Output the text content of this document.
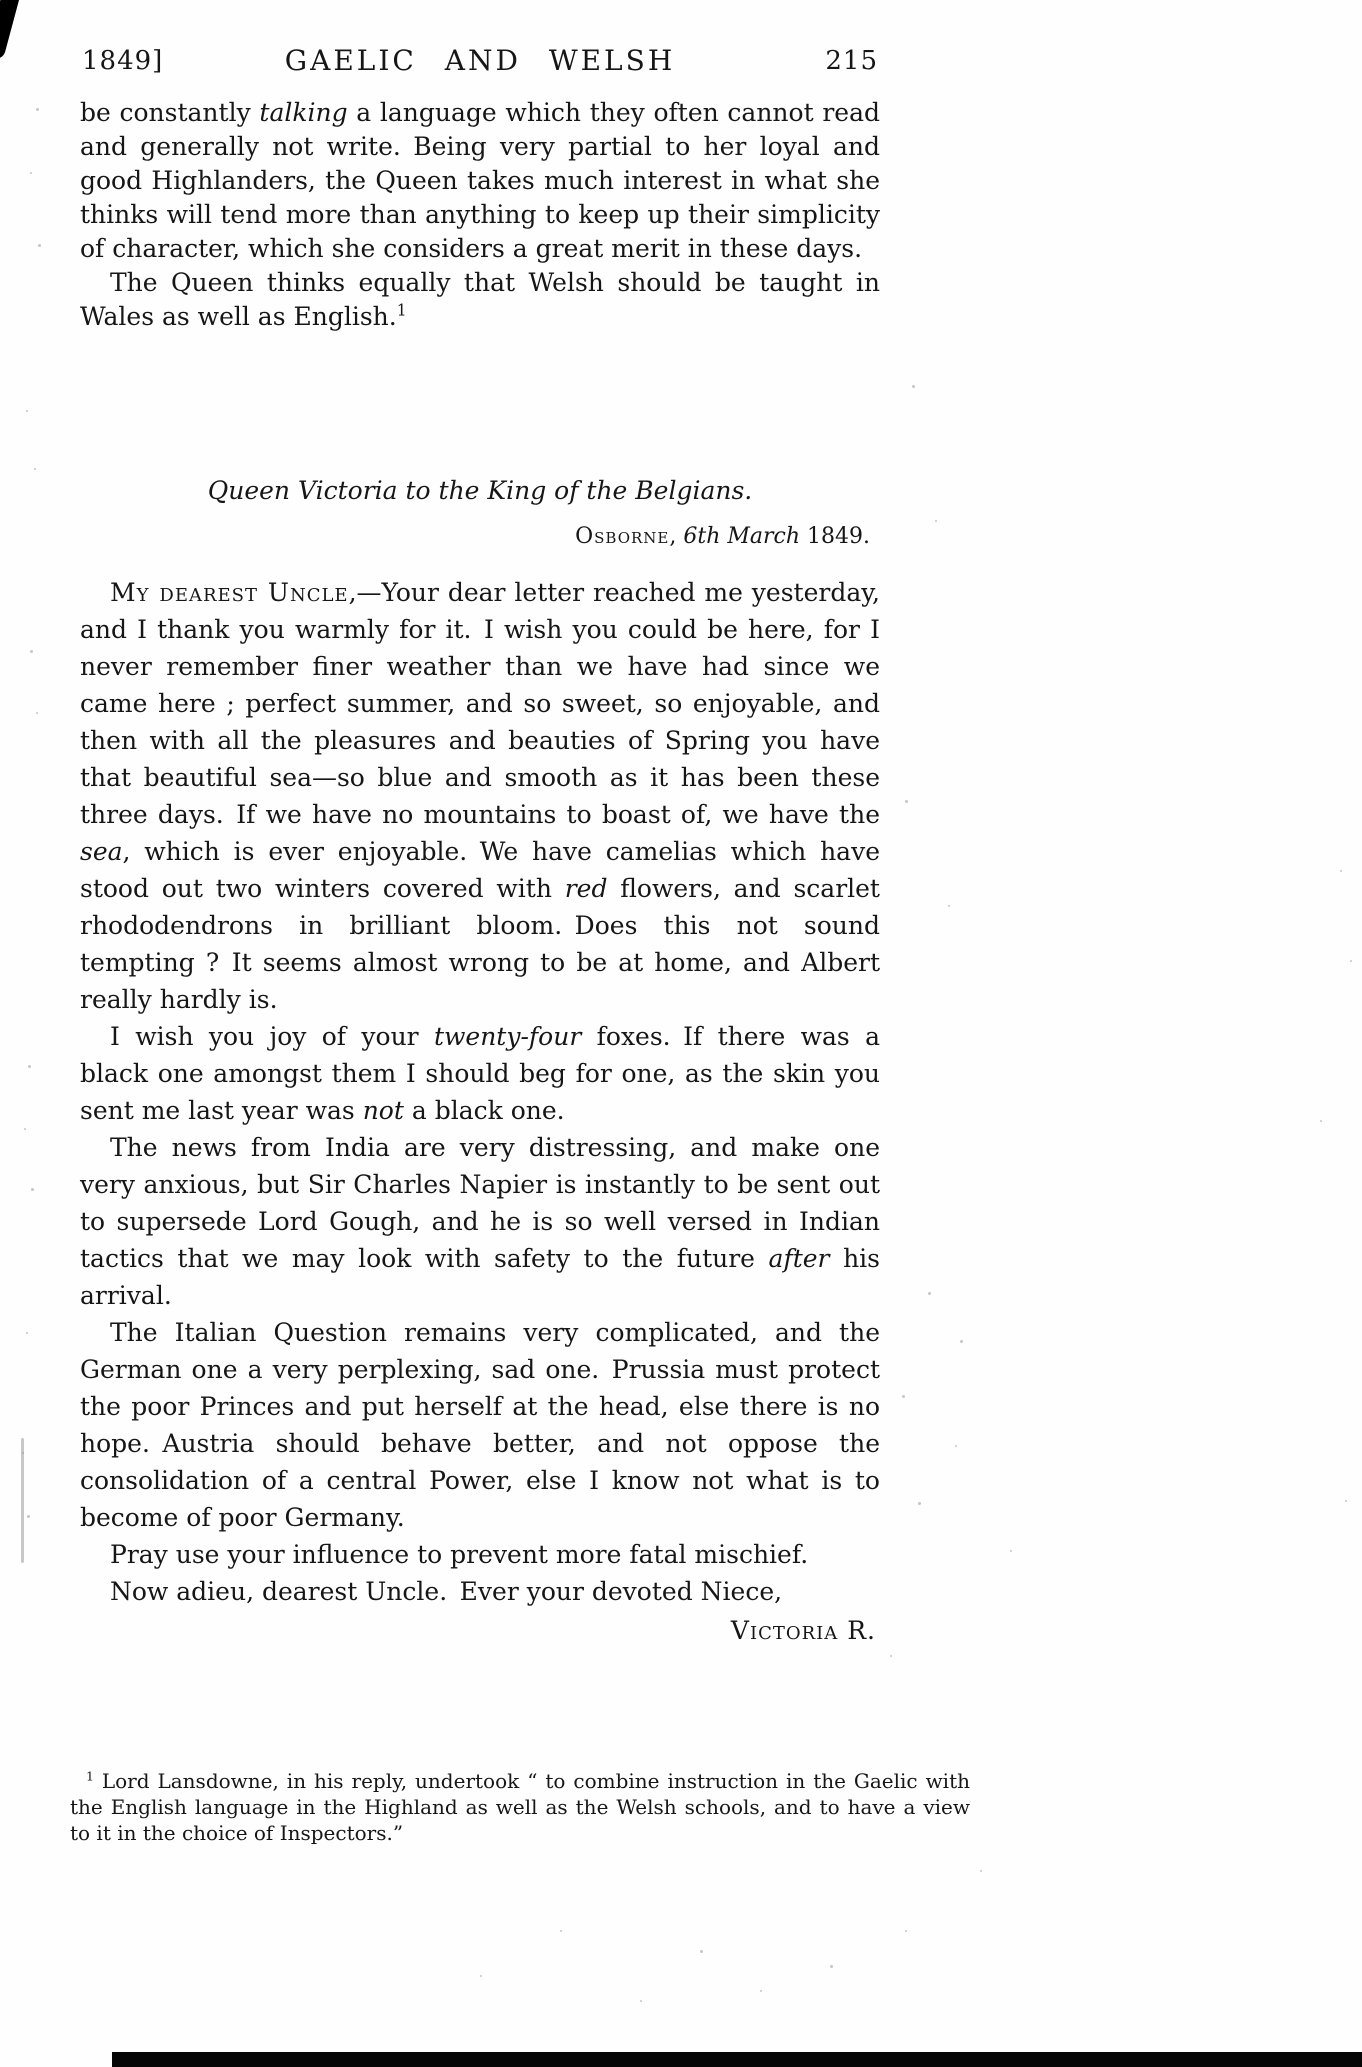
1849]	GAELIC AND WELSH	215

be constantly talking a language which they often cannot read and generally not write. Being very partial to her loyal and good Highlanders, the Queen takes much interest in what she thinks will tend more than anything to keep up their simplicity of character, which she considers a great merit in these days.

The Queen thinks equally that Welsh should be taught in Wales as well as English.$^1$

Queen Victoria to the King of the Belgians.

Osborne, 6th March 1849.

My dearest Uncle,—Your dear letter reached me yesterday, and I thank you warmly for it. I wish you could be here, for I never remember finer weather than we have had since we came here ; perfect summer, and so sweet, so enjoyable, and then with all the pleasures and beauties of Spring you have that beautiful sea—so blue and smooth as it has been these three days. If we have no mountains to boast of, we have the sea, which is ever enjoyable. We have camelias which have stood out two winters covered with red flowers, and scarlet rhododendrons in brilliant bloom. Does this not sound tempting ? It seems almost wrong to be at home, and Albert really hardly is.

I wish you joy of your twenty-four foxes. If there was a black one amongst them I should beg for one, as the skin you sent me last year was not a black one.

The news from India are very distressing, and make one very anxious, but Sir Charles Napier is instantly to be sent out to supersede Lord Gough, and he is so well versed in Indian tactics that we may look with safety to the future after his arrival.

The Italian Question remains very complicated, and the German one a very perplexing, sad one. Prussia must protect the poor Princes and put herself at the head, else there is no hope. Austria should behave better, and not oppose the consolidation of a central Power, else I know not what is to become of poor Germany.

Pray use your influence to prevent more fatal mischief.

Now adieu, dearest Uncle. Ever your devoted Niece,

Victoria R.

$^1$ Lord Lansdowne, in his reply, undertook “ to combine instruction in the Gaelic with the English language in the Highland as well as the Welsh schools, and to have a view to it in the choice of Inspectors.”
